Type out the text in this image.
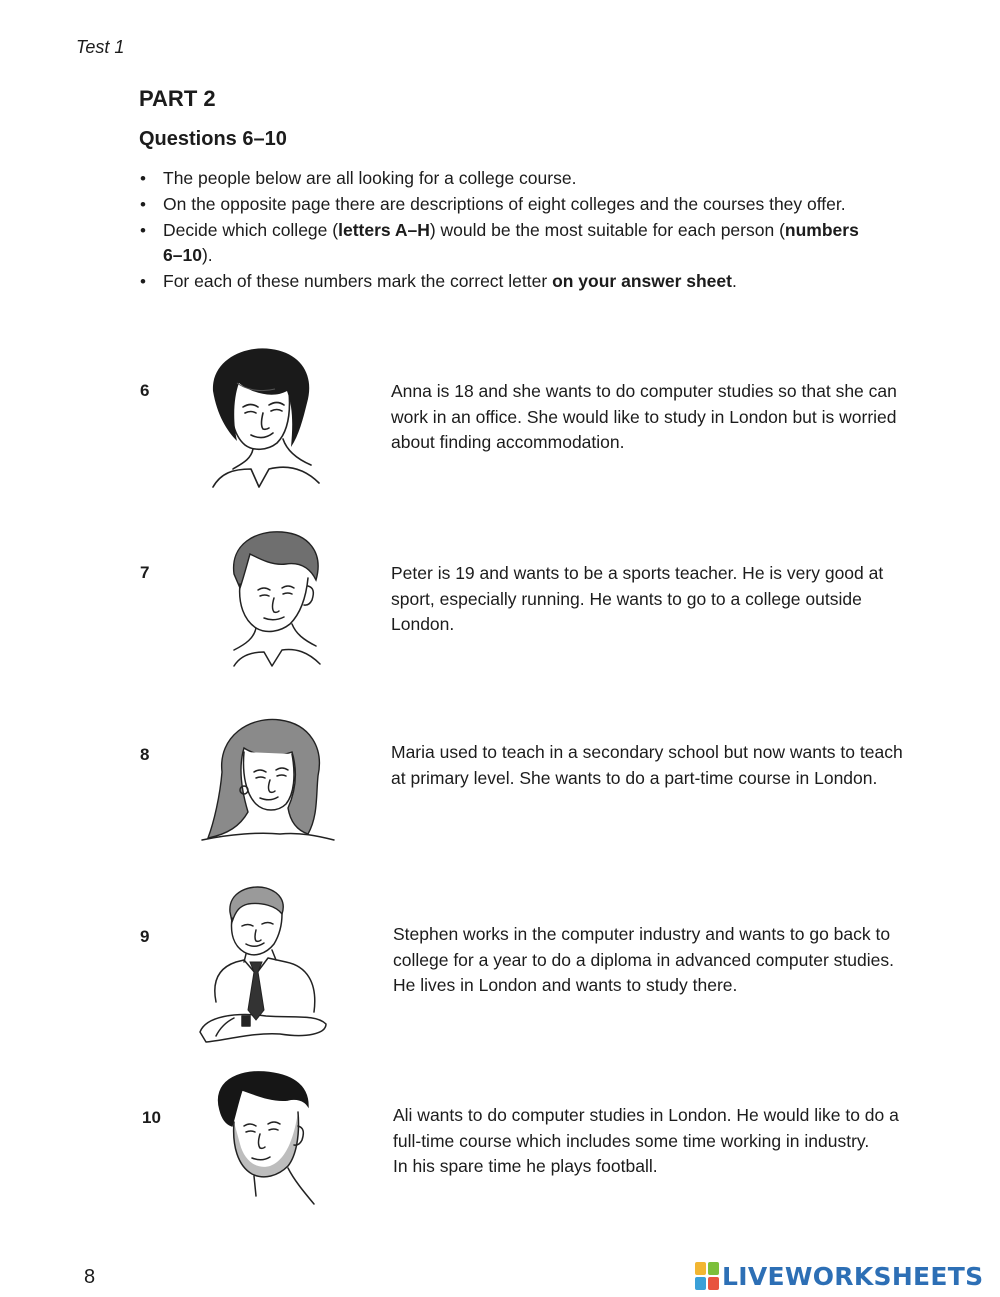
Test 1
PART 2
Questions 6–10
• The people below are all looking for a college course.
• On the opposite page there are descriptions of eight colleges and the courses they offer.
• Decide which college (letters A–H) would be the most suitable for each person (numbers 6–10).
• For each of these numbers mark the correct letter on your answer sheet.
6	Anna is 18 and she wants to do computer studies so that she can
work in an office. She would like to study in London but is worried
about finding accommodation.
7	Peter is 19 and wants to be a sports teacher. He is very good at
sport, especially running. He wants to go to a college outside
London.
8	Maria used to teach in a secondary school but now wants to teach
at primary level. She wants to do a part-time course in London.
9	Stephen works in the computer industry and wants to go back to
college for a year to do a diploma in advanced computer studies.
He lives in London and wants to study there.
10	Ali wants to do computer studies in London. He would like to do a
full-time course which includes some time working in industry.
In his spare time he plays football.
8	LIVEWORKSHEETS
